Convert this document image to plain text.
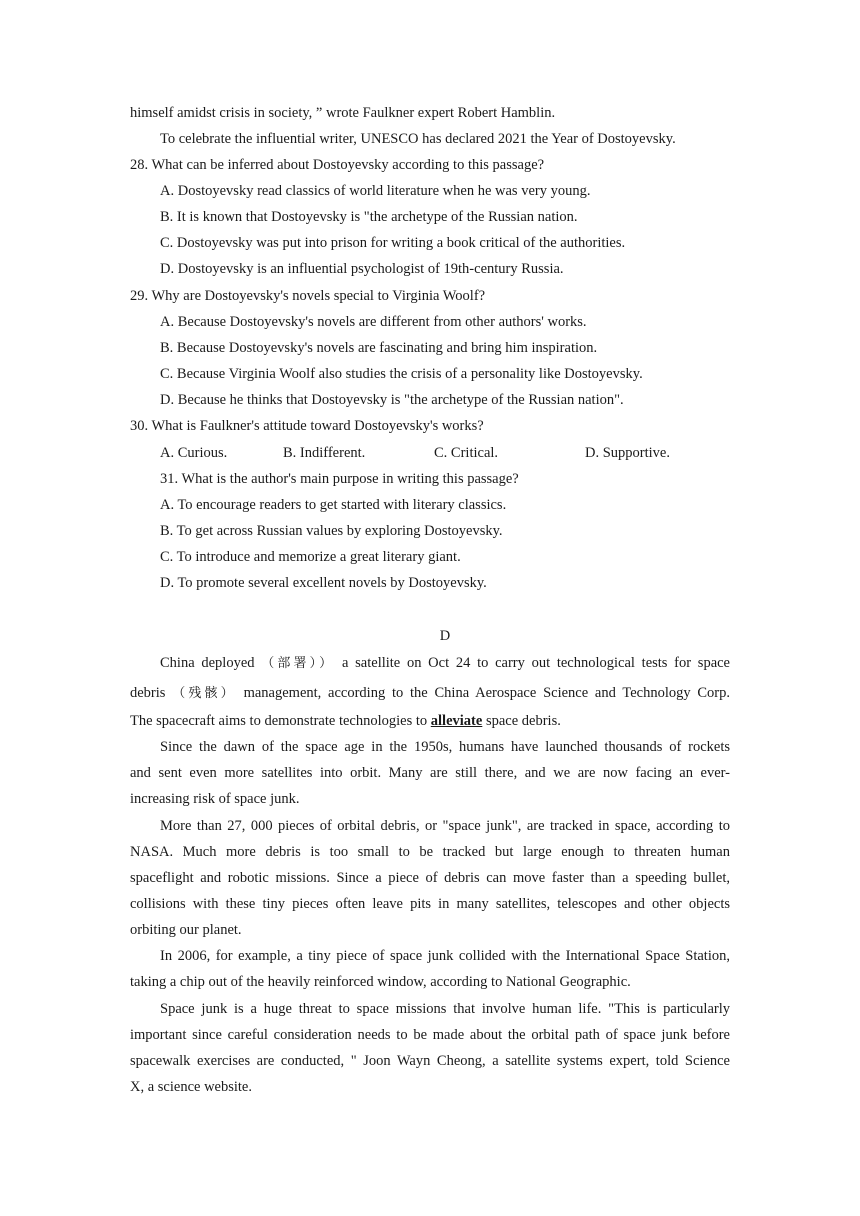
himself amidst crisis in society, ” wrote Faulkner expert Robert Hamblin.
To celebrate the influential writer, UNESCO has declared 2021 the Year of Dostoyevsky.
28. What can be inferred about Dostoyevsky according to this passage?
A. Dostoyevsky read classics of world literature when he was very young.
B. It is known that Dostoyevsky is "the archetype of the Russian nation.
C. Dostoyevsky was put into prison for writing a book critical of the authorities.
D. Dostoyevsky is an influential psychologist of 19th-century Russia.
29. Why are Dostoyevsky's novels special to Virginia Woolf?
A. Because Dostoyevsky's novels are different from other authors' works.
B. Because Dostoyevsky's novels are fascinating and bring him inspiration.
C. Because Virginia Woolf also studies the crisis of a personality like Dostoyevsky.
D. Because he thinks that Dostoyevsky is "the archetype of the Russian nation".
30. What is Faulkner's attitude toward Dostoyevsky's works?
A. Curious.	B. Indifferent.	C. Critical.	D. Supportive.
31. What is the author's main purpose in writing this passage?
A. To encourage readers to get started with literary classics.
B. To get across Russian values by exploring Dostoyevsky.
C. To introduce and memorize a great literary giant.
D. To promote several excellent novels by Dostoyevsky.
D
China deployed （部署）） a satellite on Oct 24 to carry out technological tests for space
debris （残骸） management, according to the China Aerospace Science and Technology Corp.
The spacecraft aims to demonstrate technologies to alleviate space debris.
Since the dawn of the space age in the 1950s, humans have launched thousands of rockets
and sent even more satellites into orbit. Many are still there, and we are now facing an ever-
increasing risk of space junk.
More than 27, 000 pieces of orbital debris, or "space junk", are tracked in space, according to
NASA. Much more debris is too small to be tracked but large enough to threaten human
spaceflight and robotic missions. Since a piece of debris can move faster than a speeding bullet,
collisions with these tiny pieces often leave pits in many satellites, telescopes and other objects
orbiting our planet.
In 2006, for example, a tiny piece of space junk collided with the International Space Station,
taking a chip out of the heavily reinforced window, according to National Geographic.
Space junk is a huge threat to space missions that involve human life. "This is particularly
important since careful consideration needs to be made about the orbital path of space junk before
spacewalk exercises are conducted, " Joon Wayn Cheong, a satellite systems expert, told Science
X, a science website.
